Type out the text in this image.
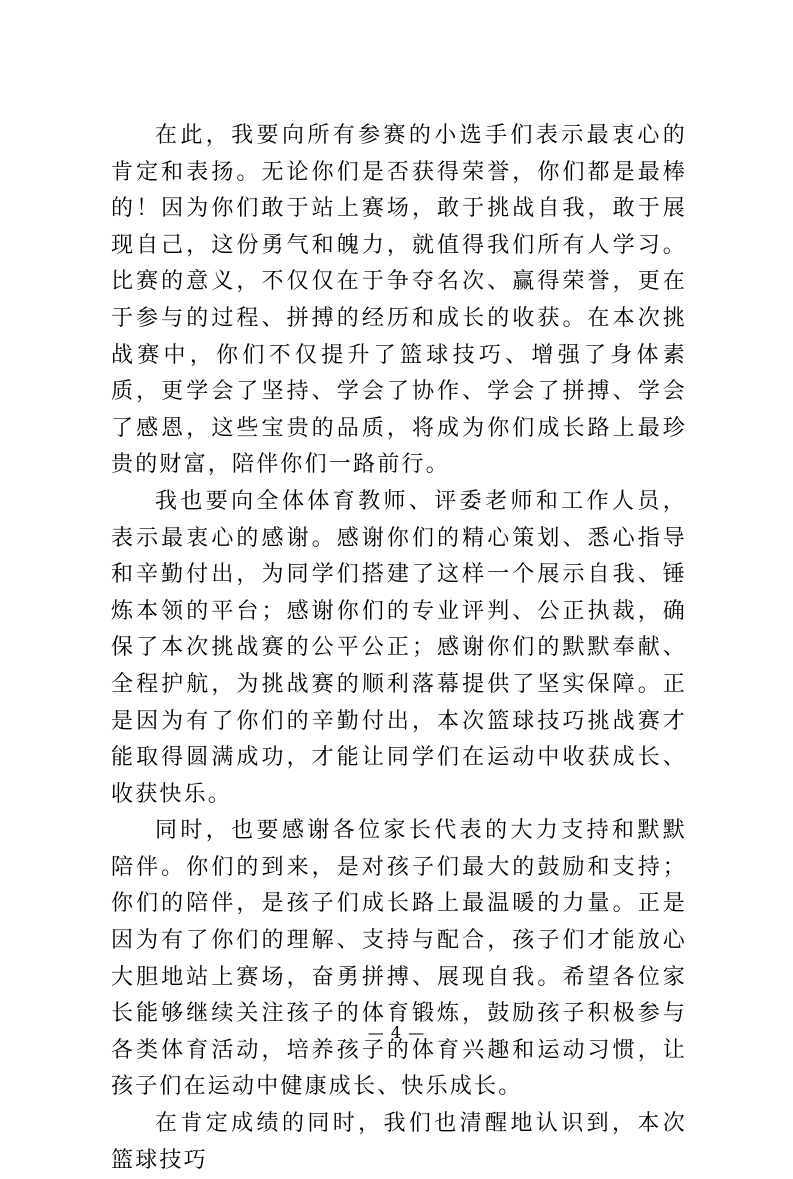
在此，我要向所有参赛的小选手们表示最衷心的肯定和表扬。无论你们是否获得荣誉，你们都是最棒的！因为你们敢于站上赛场，敢于挑战自我，敢于展现自己，这份勇气和魄力，就值得我们所有人学习。比赛的意义，不仅仅在于争夺名次、赢得荣誉，更在于参与的过程、拼搏的经历和成长的收获。在本次挑战赛中，你们不仅提升了篮球技巧、增强了身体素质，更学会了坚持、学会了协作、学会了拼搏、学会了感恩，这些宝贵的品质，将成为你们成长路上最珍贵的财富，陪伴你们一路前行。

我也要向全体体育教师、评委老师和工作人员，表示最衷心的感谢。感谢你们的精心策划、悉心指导和辛勤付出，为同学们搭建了这样一个展示自我、锤炼本领的平台；感谢你们的专业评判、公正执裁，确保了本次挑战赛的公平公正；感谢你们的默默奉献、全程护航，为挑战赛的顺利落幕提供了坚实保障。正是因为有了你们的辛勤付出，本次篮球技巧挑战赛才能取得圆满成功，才能让同学们在运动中收获成长、收获快乐。

同时，也要感谢各位家长代表的大力支持和默默陪伴。你们的到来，是对孩子们最大的鼓励和支持；你们的陪伴，是孩子们成长路上最温暖的力量。正是因为有了你们的理解、支持与配合，孩子们才能放心大胆地站上赛场，奋勇拼搏、展现自我。希望各位家长能够继续关注孩子的体育锻炼，鼓励孩子积极参与各类体育活动，培养孩子的体育兴趣和运动习惯，让孩子们在运动中健康成长、快乐成长。

在肯定成绩的同时，我们也清醒地认识到，本次篮球技巧

— 4 —
